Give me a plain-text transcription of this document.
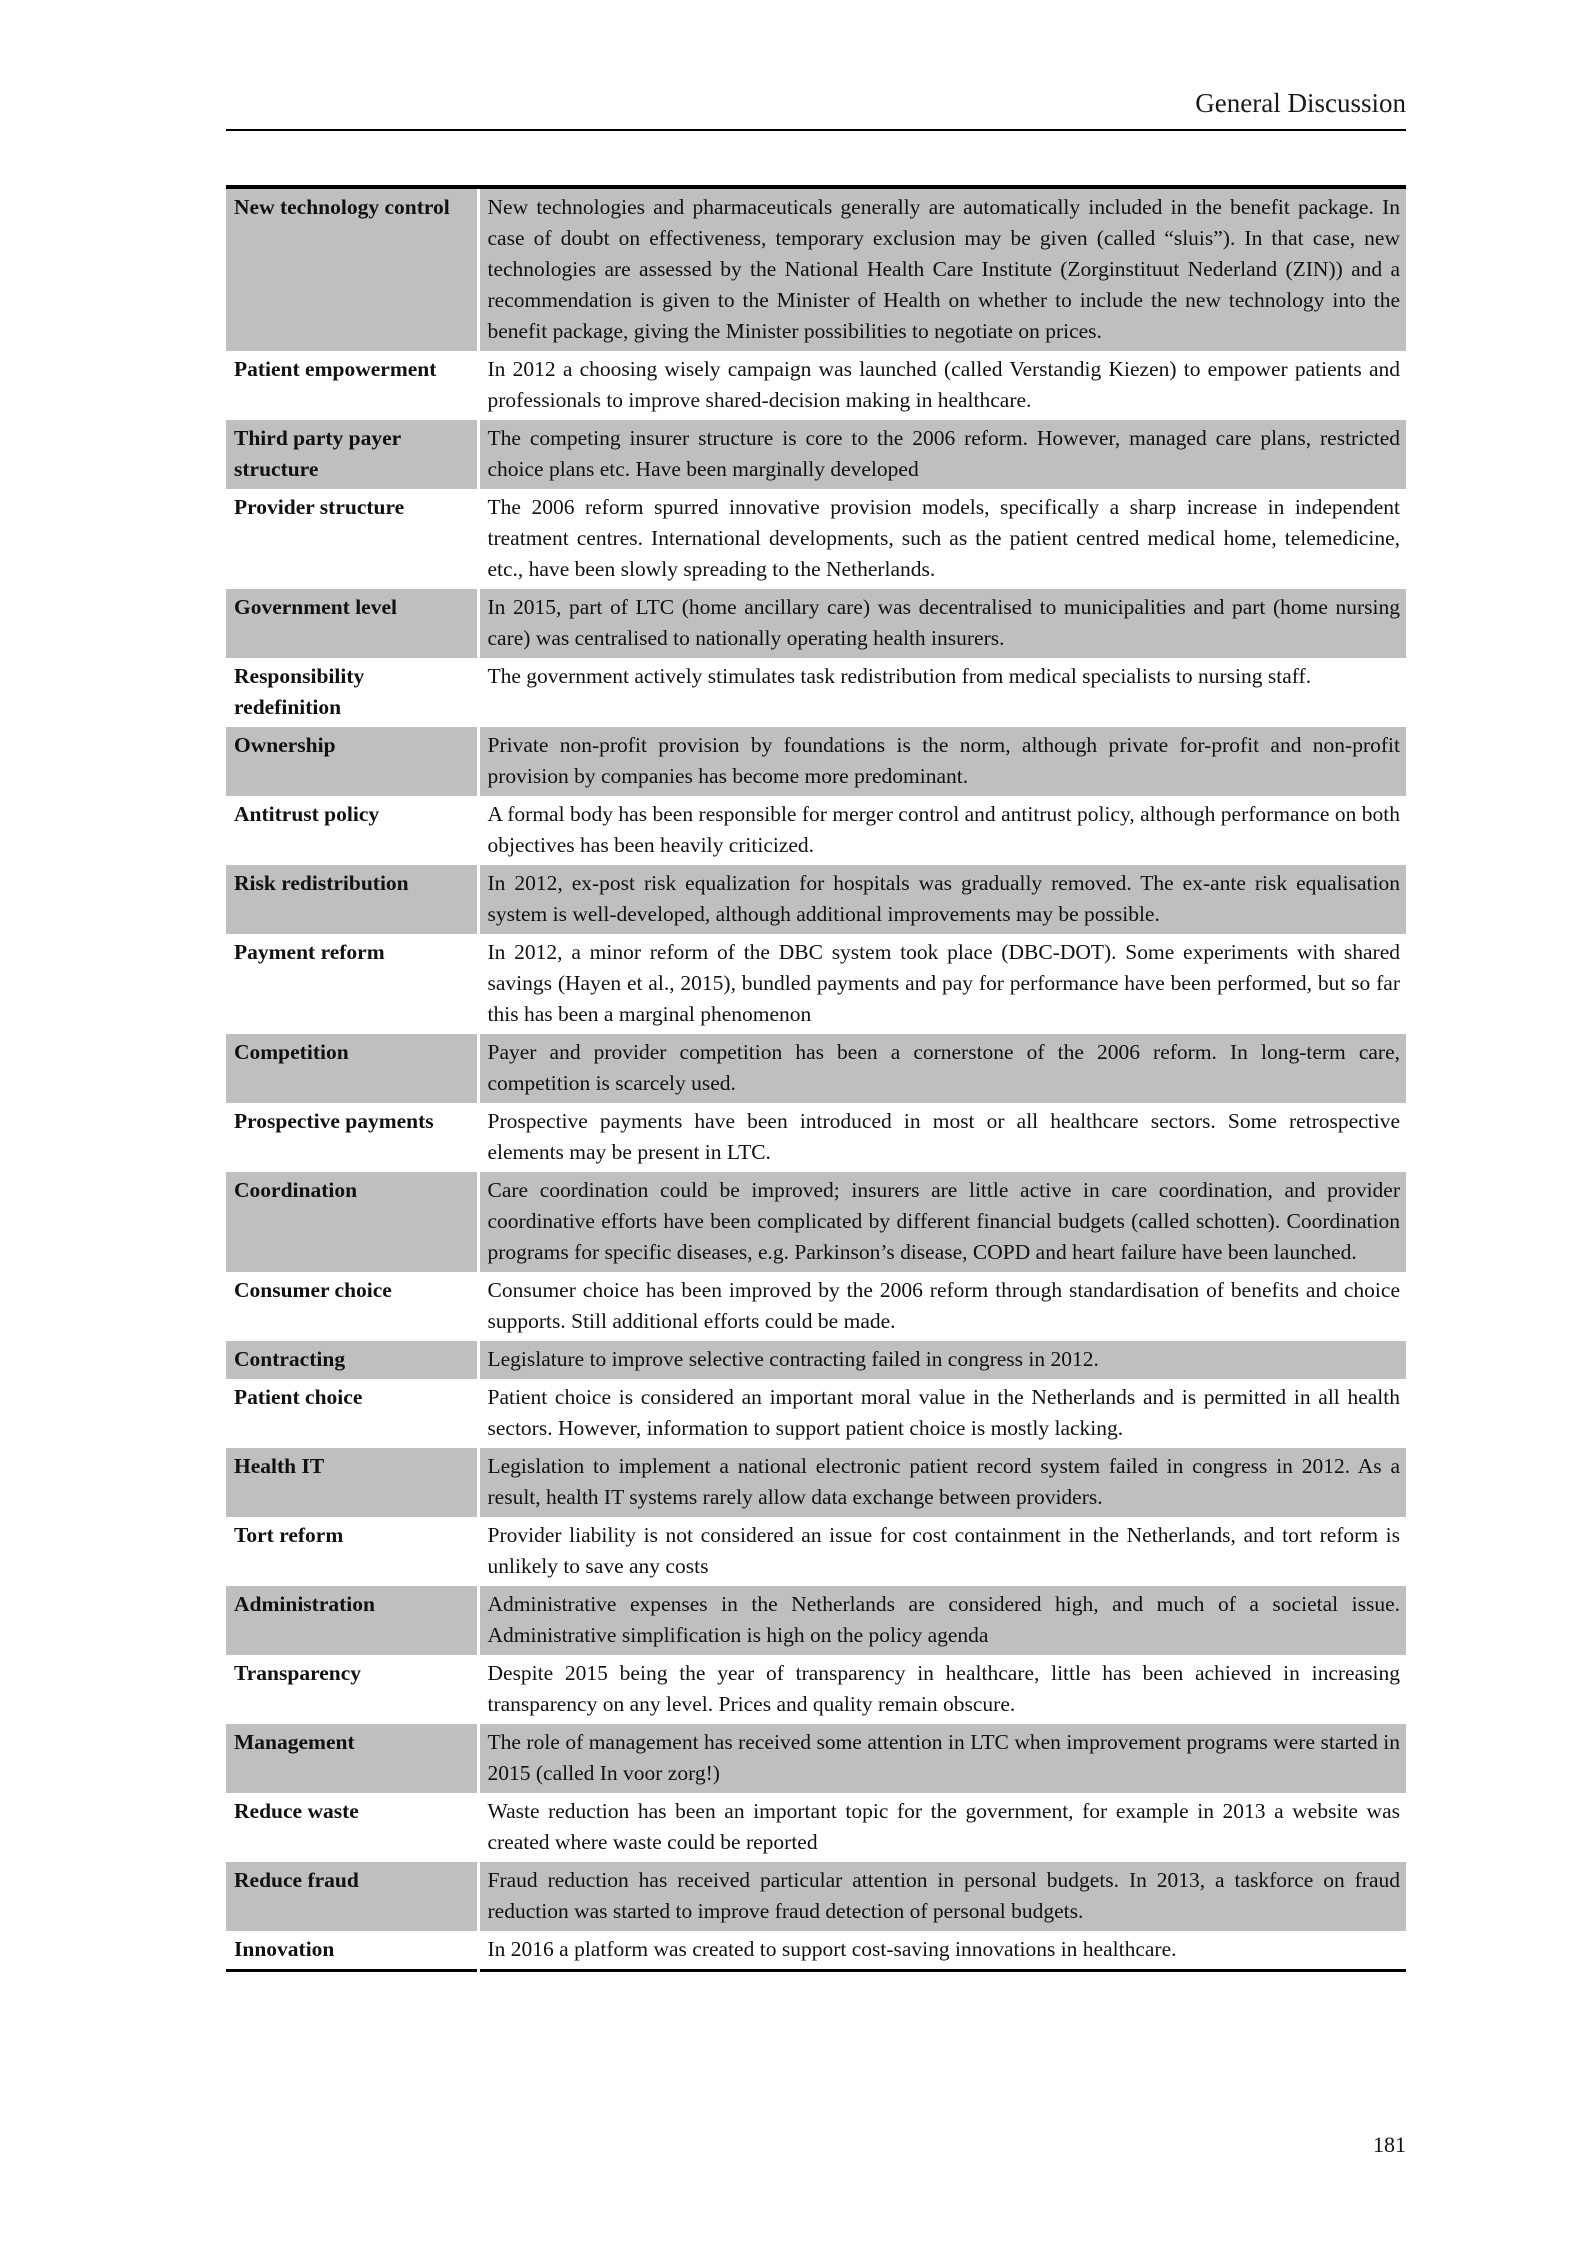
General Discussion
New technology control	New technologies and pharmaceuticals generally are automatically included in the benefit package. In case of doubt on effectiveness, temporary exclusion may be given (called “sluis”). In that case, new technologies are assessed by the National Health Care Institute (Zorginstituut Nederland (ZIN)) and a recommendation is given to the Minister of Health on whether to include the new technology into the benefit package, giving the Minister possibilities to negotiate on prices.
Patient empowerment	In 2012 a choosing wisely campaign was launched (called Verstandig Kiezen) to empower patients and professionals to improve shared-decision making in healthcare.
Third party payer structure	The competing insurer structure is core to the 2006 reform. However, managed care plans, restricted choice plans etc. Have been marginally developed
Provider structure	The 2006 reform spurred innovative provision models, specifically a sharp increase in independent treatment centres. International developments, such as the patient centred medical home, telemedicine, etc., have been slowly spreading to the Netherlands.
Government level	In 2015, part of LTC (home ancillary care) was decentralised to municipalities and part (home nursing care) was centralised to nationally operating health insurers.
Responsibility redefinition	The government actively stimulates task redistribution from medical specialists to nursing staff.
Ownership	Private non-profit provision by foundations is the norm, although private for-profit and non-profit provision by companies has become more predominant.
Antitrust policy	A formal body has been responsible for merger control and antitrust policy, although performance on both objectives has been heavily criticized.
Risk redistribution	In 2012, ex-post risk equalization for hospitals was gradually removed. The ex-ante risk equalisation system is well-developed, although additional improvements may be possible.
Payment reform	In 2012, a minor reform of the DBC system took place (DBC-DOT). Some experiments with shared savings (Hayen et al., 2015), bundled payments and pay for performance have been performed, but so far this has been a marginal phenomenon
Competition	Payer and provider competition has been a cornerstone of the 2006 reform. In long-term care, competition is scarcely used.
Prospective payments	Prospective payments have been introduced in most or all healthcare sectors. Some retrospective elements may be present in LTC.
Coordination	Care coordination could be improved; insurers are little active in care coordination, and provider coordinative efforts have been complicated by different financial budgets (called schotten). Coordination programs for specific diseases, e.g. Parkinson’s disease, COPD and heart failure have been launched.
Consumer choice	Consumer choice has been improved by the 2006 reform through standardisation of benefits and choice supports. Still additional efforts could be made.
Contracting	Legislature to improve selective contracting failed in congress in 2012.
Patient choice	Patient choice is considered an important moral value in the Netherlands and is permitted in all health sectors. However, information to support patient choice is mostly lacking.
Health IT	Legislation to implement a national electronic patient record system failed in congress in 2012. As a result, health IT systems rarely allow data exchange between providers.
Tort reform	Provider liability is not considered an issue for cost containment in the Netherlands, and tort reform is unlikely to save any costs
Administration	Administrative expenses in the Netherlands are considered high, and much of a societal issue. Administrative simplification is high on the policy agenda
Transparency	Despite 2015 being the year of transparency in healthcare, little has been achieved in increasing transparency on any level. Prices and quality remain obscure.
Management	The role of management has received some attention in LTC when improvement programs were started in 2015 (called In voor zorg!)
Reduce waste	Waste reduction has been an important topic for the government, for example in 2013 a website was created where waste could be reported
Reduce fraud	Fraud reduction has received particular attention in personal budgets. In 2013, a taskforce on fraud reduction was started to improve fraud detection of personal budgets.
Innovation	In 2016 a platform was created to support cost-saving innovations in healthcare.
181
